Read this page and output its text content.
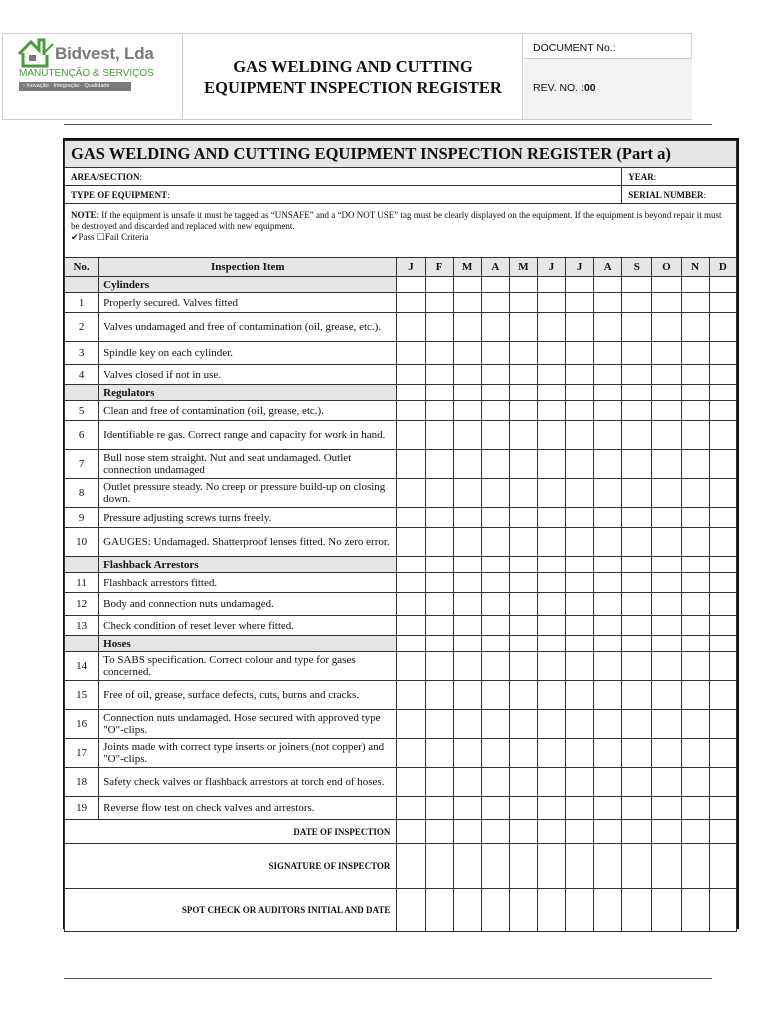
Bidvest, Lda
MANUTENÇÃO & SERVIÇOS
› Inovação · Integração · Qualidade
GAS WELDING AND CUTTING EQUIPMENT INSPECTION REGISTER
DOCUMENT No.:
REV. NO. :00
GAS WELDING AND CUTTING EQUIPMENT INSPECTION REGISTER (Part a)													
AREA/SECTION:										YEAR:			
TYPE OF EQUIPMENT:										SERIAL NUMBER:			
NOTE: If the equipment is unsafe it must be tagged as “UNSAFE” and a “DO NOT USE” tag must be clearly displayed on the equipment. If the equipment is beyond repair it must be destroyed and discarded and replaced with new equipment.
✔Pass ☐Fail Criteria													
No.	Inspection Item	J	F	M	A	M	J	J	A	S	O	N	D
	Cylinders												
1	Properly secured. Valves fitted												
2	Valves undamaged and free of contamination (oil, grease, etc.).												
3	Spindle key on each cylinder.												
4	Valves closed if not in use.												
	Regulators												
5	Clean and free of contamination (oil, grease, etc.).												
6	Identifiable re gas. Correct range and capacity for work in hand.												
7	Bull nose stem straight. Nut and seat undamaged. Outlet connection undamaged												
8	Outlet pressure steady. No creep or pressure build-up on closing down.												
9	Pressure adjusting screws turns freely.												
10	GAUGES: Undamaged. Shatterproof lenses fitted. No zero error.												
	Flashback Arrestors												
11	Flashback arrestors fitted.												
12	Body and connection nuts undamaged.												
13	Check condition of reset lever where fitted.												
	Hoses												
14	To SABS specification. Correct colour and type for gases concerned.												
15	Free of oil, grease, surface defects, cuts, burns and cracks.												
16	Connection nuts undamaged. Hose secured with approved type "O"-clips.												
17	Joints made with correct type inserts or joiners (not copper) and "O"-clips.												
18	Safety check valves or flashback arrestors at torch end of hoses.												
19	Reverse flow test on check valves and arrestors.												
DATE OF INSPECTION													
SIGNATURE OF INSPECTOR													
SPOT CHECK OR AUDITORS INITIAL AND DATE													
